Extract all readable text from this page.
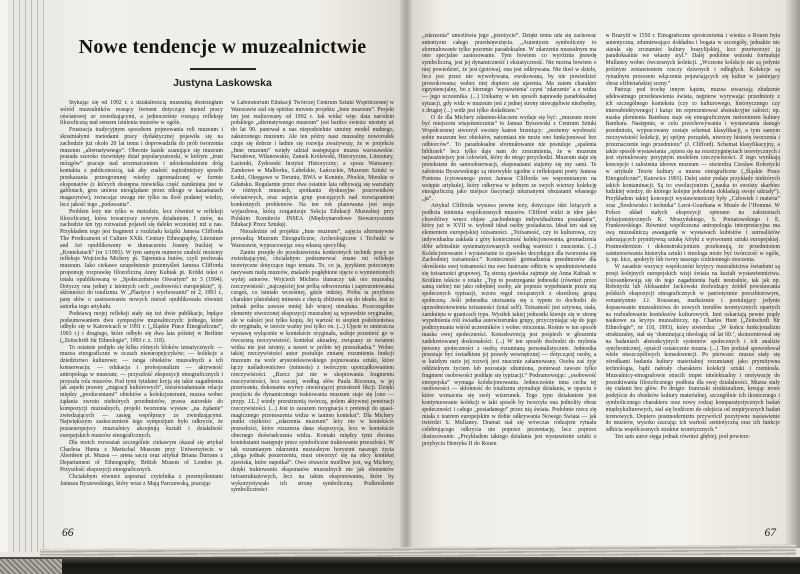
Nowe tendencje w muzealnictwie
Justyna Laskowska

Stykając się od 1992 r. z działalnością muzealną dostrzegłam wśród muzealników rosnący ferment dotyczący metod pracy oświatowej ze zwiedzającymi, a jednocześnie rosnącą refleksję filozoficzną nad sensem istnienia muzeów w ogóle.

Frustracja tradycyjnym sposobem pojmowania roli muzeum i skostniałymi metodami pracy dydaktycznej pojawiła się na zachodzie już około 20 lat temu i doprowadziła do prób tworzenia muzeum „alternatywnego”. Obecnie każde szanujące się muzeum posiada szeroko rozwinięty dział popularyzatorski, w którym „trust mózgów” pracuje nad urozmaiceniem i udoskonaleniem dróg kontaktu z publicznością, tak aby znaleźć najtrafniejszy sposób przekazania przeogromnej wiedzy zgromadzonej w formie eksponatów (z których dostępna niewielka część zamknięta jest w gablotach, gros umiera nieoglądane przez nikogo w kazamatach magazynów), zwracając uwagę nie tylko na ilość podanej wiedzy, lecz jakość tego „podawania”.

Problem leży nie tylko w metodzie, lecz również w refleksji filozoficznej, która towarzyszy nowym działaniom. I znów, na zachodzie ten typ rozważań pojawił się daleko wcześniej niż u nas. Przykładem tego jest fragment z rozdziału książki Jamesa Clifforda The Predicament of Culture XXth. Century Ethnography, Literature and Art opublikowany w tłumaczeniu Joanny Irackiej w „Kontekstach” (nr 1/1993). W tym samym numerze znaleźć możemy refleksje Wojciecha Michery pt. Tajemnica butów, czyli pochwała muzeum. Jako ciekawe uzupełnienie przemyśleń Jamesa Clifforda proponuję rozprawkę filozoficzną Anny Kubiak pt. Krótki tekst o totalu opublikowaną w „Społeczeństwie Otwartym” nr 3 (1994). Dotyczy ona jednej z istotnych cech „osobowości europejskiej”, tj. skłonności do totalizmu. W „Plastyce i wychowaniu” nr 2, 1993 r., parę słów o zastosowaniu nowych metod opublikowała również autorka tego artykułu.

Podstawą mojej refleksji stały się też dwie publikacje, będące podsumowaniem dwu sympozjów muzealniczych: jednego, które odbyło się w Katowicach w 1991 r. („Śląskie Prace Etnograficzne”, 1993 r.) i drugiego, które odbyło się dwa lata później w Berlinie („Zeitschrift für Ethnologie”, 1993 r. z. 118).

To ostatnie podjęło się kilku różnych bloków tematycznych: — muzea etnograficzne w oczach nieeuropejczyków; — kolekcje a dziedzictwo kulturowe; — ranga obiektów muzealnych a ich konserwacja; — edukacja i profesjonalizm — aktywność antropologa w muzeum; — przyszłość ekspozycji etnograficznych i przyszła rola muzeów. Pod tymi tytułami kryją się takie zagadnienia jak aspekt prawny „migracji kulturowych”, nieuświadamiane relacje między „producentami” obiektów a kolekcjonerami, muzea wobec żądania zwrotu niektórych przedmiotów, prawa autorskie do kompozycji muzealnych, projekt tworzenia wystaw „na żądanie” zwiedzających — zasięg współpracy ze zwiedzającymi. Największym zaskoczeniem tego sympozjum było odkrycie, że pozaeuropejscy muzealnicy akceptują kształt i działalność europejskich muzeów etnograficznych.

Dla moich rozważań szczególnie ciekawym okazał się artykuł Charlesa Hunta z Marischal Museum przy Uniwersytecie w Aberdeen pt. Muzea — arena sacra oraz artykuł Briana Durrans z Departament of Ethnography, British Musem of London pt. Przyszłość ekspozycji etnograficznych.

Chciałabym również zapoznać czytelnika z przemyśleniami Janusza Byszewskiego, który wraz z Mają Parczewską, pracując

w Laboratorium Edukacji Twórczej Centrum Sztuki Współczesnej w Warszawie stał się spiritus movens projektu „Inne muzeum”. Projekt ten jest realizowany od 1992 r. Jak widać więc data narodzin polskiego „alternatywnego muzeum” jest bardzo świeża: niestety aż do lat 90. panował u nas niepodzielnie smutny model nudnego, zakurzonego muzeum. Ale ten późny nasz muzealny noworodek czuje się dobrze i ładnie się rozwija zważywszy, że w projekcie „Inne muzeum” wzięły udział następujące muzea warszawskie: Narodowe, Wilanowskie, Zamek Królewski, Historyczne, Literatury, Łazienki, Żydowski Instytut Historyczny; a spoza Warszawy: Zamkowe w Malborku, Lubelskie, Łańcuckie, Muzeum Sztuki w Łodzi, Okręgowe w Toruniu, BWA w Koninie, Płockie, Morskie w Gdańsku. Regularnie przez dwa ostatnie lata odbywają się warsztaty w różnych muzeach, spotkania dyskusyjne pracowników oświatowych, oraz zajęcia grup pracujących nad rozwiązaniem konkretnych problemów. Na ten rok planowana jest sesja wyjazdowa, którą zorganizuje Sekcja Edukacji Muzealnej przy Polskim Komitecie INSEA (Międzynarodowe Stowarzyszenie Edukacji Przez Sztukę).

Niezależnie od projektu „Inne muzeum”, zajęcia alternatywne prowadzą Muzeum Etnograficzne, Archeologiczne i Techniki w Warszawie, wypracowując swą własną specyfikę.

Zanim przejdę do przedstawienia konkretnych technik pracy ze zwiedzającymi, chciałabym podsumować znane mi refleksje teoretyczne dotyczące tego tematu. To, co ja, językiem potocznym nazywam nudą muzeów, znalazło pogłębione ujęcie u wymienionych wyżej autorów. Wojciech Michera tłumaczy tak oto muzealną rzeczywistość: „najczęściej jest próbą odtworzenia i zaprezentowania czegoś, co istniało wcześniej, gdzie indziej. Próba ta przybiera charakter platońskiej mimesis z chęcią zbliżenia się do ideału. Jest to jednak próba zawsze mniej lub więcej nieudana. Poszczególne elementy stworzonej ekspozycji muzealnej są wprawdzie oryginalne, ale w całości jest tylko kopią. Jej wartość to stopień podobieństwa do oryginału, w istocie ważny jest tylko on. (...) Ujęcie to umieszcza wystawę wyłącznie w kontekście oryginału, usiłuje przenieść go w ówczesną rzeczywistość; kontekst aktualny, związany ze światem widza nie jest istotny, a nawet w próbie tej przeszkadza.” Wobec takiej rzeczywistości autor postuluje zmianę rozumienia funkcji muzeum na wzór arystotelesowskiego pojmowania sztuki, które łączy naśladownictwo (mimesis) z twórczym uporządkowaniem rzeczywistości. „Rzecz już nie w skopiowaniu fragmentu rzeczywistości, lecz raczej, według słów Paula Ricoeura, w jej przerwaniu, dokonaniu wyrwy otwierającej przestrzeń fikcji. Dzięki przejściu do dynamicznego traktowania muzeum staje się [ono — przyp. J.L.] wtedy przestrzenią twórczą, polem aktywnej penetracji rzeczywistości. (...) Jest to zarazem rezygnacja z pretensji do quasi-magicznego przenoszenia widza w tamten kontekst”. Dla Michery punkt ciężkości „zdarzenia muzeum” leży nie w kontekście przeszłości, które rozszerza dana ekspozycja, lecz w kontekście obecnego doświadczenia widza. Kontakt między tymi dwoma kontekstami następuje przez symboliczne traktowanie przeszłości. W tak rozumianym zdarzeniu muzealnym horyzont naszego życia „ulega jednak poszerzeniu, musi otworzyć się na obcy kontekst zjawiska, które napotkał”. Owo otwarcie możliwe jest, wg Michery, dzięki traktowaniu eksponatów muzealnych nie jak elementów infrastruktażowych, lecz na takim eksponowaniu, które by wykorzystywało ich stronę symboliczną. Podkreślenie symboliczności

66

„zdarzenia” umożliwia jego „przeżycie”. Dzięki temu uda się zachować autentyzm całego przedsięwzięcia. „Autentyzm symboliczny to sformułowanie tylko pozornie paradoksalne. W zdarzeniu muzealnym ma ono specjalne zastosowanie. Tym bowiem co wyróżnia prawdę symboliczną, jest jej dynamiczność i ekstatyczność. Nie można bowiem o niej powiedzieć, że jest (gotowa), ona jest odkrywana. Nie tkwi w dziele, lecz jest przez nie wywoływana, ewokowana, by nie powiedzieć prowokowana; wobec niej dopiero się ujawnia. Ma zatem charakter egzystencjalny, bo z biernego ‘wystawienia’ czyni ‘zdarzenie’ a z widza — jego uczestnika. (...) Unikamy w ten sposób naprawdę paradoksalnej sytuacji, gdy widz w muzeum jest z jednej strony niewątpliwie niezbędny, z drugiej (...) widz jest tylko dodatkiem.”

O ile dla Michery zdaniem-kluczem wydaje się być: „muzeum może być miejscem wtajemniczenia” to Janusz Byszewski z Centrum Sztuki Współczesnej stworzył swoisty kanon brzmiący: „możemy wyobrazić sobie muzeum bez obiektów, natomiast nie może ono funkcjonować bez odbiorców”. To paradoksalne sformułowanie nie postuluje „spalenia bibliotek” lecz tylko daje nam do zrozumienia, że w muzeum najważniejszy jest człowiek, który do niego przychodzi. Muzeum staje się pretekstem do samoobserwacji, eksponatami stajemy się my sami. Te założenia Byszewskiego są niezwykle zgodne z refleksjami poety Jamesa Fentona (cytowanego przez Jamesa Clifforda we wspomnianym na wstępie artykule), który odkrywa w jednym ze swych wierszy kolekcję etnograficzną jako miejsce fascynacji nieznanymi obszarami własnego „ja”.

Artykuł Clifforda wysuwa pewne tezy, dotyczące idei leżących u podłoża istnienia współczesnych muzeów. Clifford widzi te idee jako chorobliwy wręcz objaw „zachodniego indywidualizmu posiadania”, który już w XVII w. wyłonił ideał osoby posiadacza. Ideał ten stał się elementem europejskiej tożsamości. „Tożsamość, czy to kulturowa, czy indywidualna zakłada z góry konieczność kolekcjonowania, gromadzenia dóbr arbitralnie systematyzowanych według wartości i znaczenia. (...) Kolekcjonowanie i wystawianie to zjawisko decydujące dla tworzenia się Zachodniej tożsamości.” Konieczność gromadzenia przedmiotów dla określenia swej tożsamości ma swe lustrzane odbicie w upodmiotowianiu się tożsamości grupowej. Tą stroną zjawiska zajmuje się Anna Kubiak w Krótkim tekście o totalu: „Typ to postrzeganie jednostki (również przez samą siebie) nie jako odrębnej osoby, ale poprzez wypełnianie przez nią społecznych typizacji, wzoru reguł związanych z określoną grupą społeczną. Jeśli jednostka utożsamia się z typem to dochodzi do uprzedmiotowienia tożsamości (total self). Tożsamość jest sztywna, stała, zamknięta w granicach typu. Wysiłek takiej jednostki kieruje się w stronę wypełnienia roli świadka autowizerunku grupy, przyczyniając się do jego podtrzymania wśród uczestników i wobec otoczenia. Rośnie w ten sposób maska owej społeczności. Konsekwencją jest pośpiech w głoszeniu zadekretowanej doskonałości. (...) W ten sposób dochodzi do mylenia persony społeczności z osobą rozumianą personalistycznie. Jednostka przestaje być świadkiem jej prawdy wewnętrznej — dotyczącej osoby, a w każdym razie jej rozwój jest znacznie zahamowany. Osoba zaś żyje oddzielnym życiem lub pozostaje stłumiona, ponieważ zawsze tylko fragment osobowości poddaje się typizacji.” Podsumowując: „osobowość europejska” wymaga kolekcjonowania. Jednocześnie inna cecha tej osobowości — skłonność do totalizmu stymuluje działania, w oparciu o które wzmacnia się swój wizerunek. Tego typu działaniem jest kontynuowanie kolekcji w taki sposób by tworzyła ona jednolity obraz społeczności i całego „posiadanego” przez nią świata. Podobnie rzecz się miała z teatrem europejskim w dobie odkrywania Nowego Świata — jak twierdzi S. Mullaney. Dramat stał się wówczas rodzajem rytuału celebrującego odkrycia nie poprzez prezentację, lecz poprzez dostosowanie. „Przykładem takiego działania jest wystawienie sztuki o przybyciu Henryka II do Rouen

w Brazylii w 1550 r. Etnograficzne spostrzeżenia i wiedza o Rouen była autentyczna, zdumiewająco dokładna i bogata w szczegóły, jednakże nie starała się zrozumieć kultury brazylijskiej, lecz przetworzyć ją paradoksalnie we własny styl.” Dalej podobne wnioski formułuje Mullaney wobec ówczesnych kolekcji. „Wczesne kolekcje nie są jedynie próżnym zestawieniem rzeczy dziwnych i odległych. Kolekcje są rytualnym procesem włączenia pojawiających się kultur w jaśniejący obraz elżbietańskiej sceny.”

Patrząc pod trochę innym kątem, muzea stwarzają złudzenie adekwatnego przedstawienia świata, najpierw wyrywając przedmioty z ich szczególnego kontekstu (czy to kulturowego, historycznego czy intersubiektywnego) i każąc im reprezentować abstrakcyjne całości; np. maska plemienia Bambara staje się etnograficznym metonimem kultury Bambara. Następnie, w celu przechowywania i wystawiania danego przedmiotu, wypracowany zostaje schemat klasyfikacji, a tym samym rzeczywistość kolekcji, jej spójny porządek, niweczy historię tworzenia i przeznaczenie tego przedmiotu” (J. Clifford). Schemat klasyfikacyjny, a także sposób wystawiania „opiera się na rozstrzygnięciach teoretycznych i jest stymulowany przyjętym modelem rzeczywistości. Z tego wynikają koncepcje i założenia ideowe muzeum — stwierdza Czesław Robotycki w artykule Teorie kultury a muzea etnograficzne („Śląskie Prace Etnograficzne”, Katowice 1993). Dalej autor podaje przykłady niektórych takich kontaminacji. Są to: ewolucjonizm („nauka to swoisty skarbiec ludzkiej wiedzy, do którego kolejne pokolenia dokładają swoje udziały”). Przykładem takiej koncepcji wystawienniczej były „Człowiek i materia” oraz „Środowisko i technika” Leroi-Gourhana w Musée de l’Homme. W Polsce układ stałych ekspozycji opierano na założeniach dyfuzjonistycznych K. Moszyńskiego, S. Poniatowskiego i E. Frankowskiego. Również współczesna antropologia interpretacyjna ma swą muzealniczą awangardę w wystawach kubistów i surrealistów zderzających prymitywną sztukę Afryki z wytworami sztuki europejskiej. Postmodernizm i dekonstrukcjonizm przekonują, że przedmiotem zainteresowania historyka sztuki i etnologa może być twórczość w ogóle, tj. np. kicz, apokryfy lub twory naszego codziennego otoczenia.

W zasadzie wszyscy współcześni krytycy muzealnictwa świadomi są presji kolejnych europejskich wizji świata na kształt wystawiennictwa. Ustosunkowują się do tego zagadnienia bądź neutralnie, tak jak np. Robotycki lub Aleksander Jackowski dochodzący źródeł powstawania polskich ekspozycji etnograficznych w patriotyzmie porozbiorowym, romantyzmie J.J. Rousseau, marksizmie i postulujący jedynie dopasowanie muzealnictwa do nowych trendów teoretycznych opartych na rozbudowaniu kontekstów kulturowych. Inni oskarżają pewne prądy naukowe za kryzys muzealniczy, np. Charles Hunt („Zeitschrift für Ethnologie”, nr 118, 1993), który stwierdza: „W końcu funkcjonalizm strukturalny, stał się ‘dominującą ideologią od lat 60.’, skoncentrował się na badaniach abstrakcyjnych systemów społecznych i ich analizie synchronicznej, opuścił ostatecznie muzea. (...) Ten podział spowodował wiele nieszczęśliwych konsekwencji. Po pierwsze: muzea stały się ośrodkami badania kultury materialnej rozumianej jako prymitywna technologia, bądź nabrały charakteru kolekcji sztuki i rzemiosła. Muzealnicy-etnografowie stracili impet intelektualny i motywację do poszukiwania filozoficznego podłoża dla swej działalności. Muzea stały się ciałami bez głów. Po drugie: francuski strukturalizm, kreując nowe podejście do obiektów kultury materialnej, szczególnie ich ikonicznego i symbolicznego charakteru oraz nowy rodzaj komparatystycznych badań międzykulturowych, stał się bodźcem do odejścia od empirycznych badań terenowych. Dopiero postmodernizm przywrócił pozytywne nastawienie do muzeów, wysoko szacując ich wartość semiotyczną oraz ich funkcje odbicia współczesnych struktur teoretycznych.”

Ten sam autor sięga jednak również głębiej, pod powierz-

67
